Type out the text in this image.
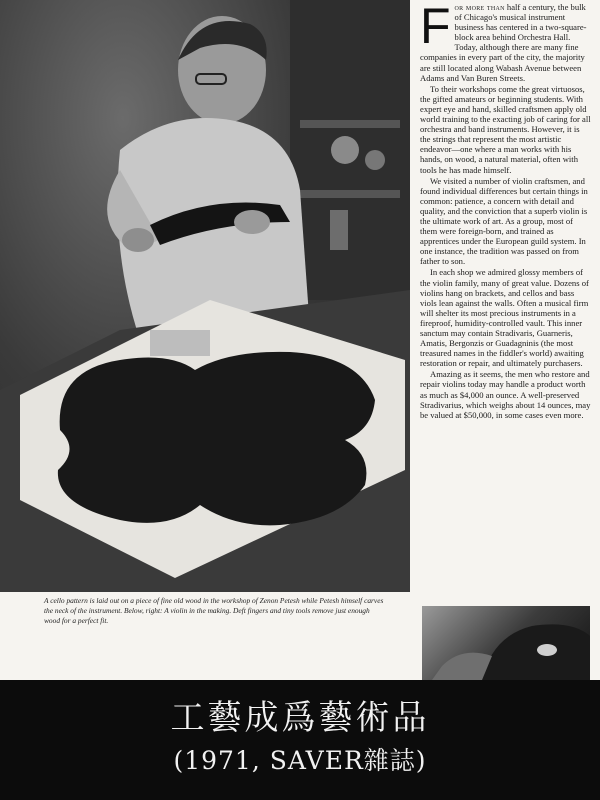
A cello pattern is laid out on a piece of fine old wood in the workshop of Zenon Petesh while Petesh himself carves the neck of the instrument. Below, right: A violin in the making. Deft fingers and tiny tools remove just enough wood for a perfect fit.

For more than half a century, the bulk of Chicago's musical instrument business has centered in a two-square-block area behind Orchestra Hall. Today, although there are many fine companies in every part of the city, the majority are still located along Wabash Avenue between Adams and Van Buren Streets.

To their workshops come the great virtuosos, the gifted amateurs or beginning students. With expert eye and hand, skilled craftsmen apply old world training to the exacting job of caring for all orchestra and band instruments. However, it is the strings that represent the most artistic endeavor—one where a man works with his hands, on wood, a natural material, often with tools he has made himself.

We visited a number of violin craftsmen, and found individual differences but certain things in common: patience, a concern with detail and quality, and the conviction that a superb violin is the ultimate work of art. As a group, most of them were foreign-born, and trained as apprentices under the European guild system. In one instance, the tradition was passed on from father to son.

In each shop we admired glossy members of the violin family, many of great value. Dozens of violins hang on brackets, and cellos and bass viols lean against the walls. Often a musical firm will shelter its most precious instruments in a fireproof, humidity-controlled vault. This inner sanctum may contain Stradivaris, Guarneris, Amatis, Bergonzis or Guadagninis (the most treasured names in the fiddler's world) awaiting restoration or repair, and ultimately purchasers.

Amazing as it seems, the men who restore and repair violins today may handle a product worth as much as $4,000 an ounce. A well-preserved Stradivarius, which weighs about 14 ounces, may be valued at $50,000, in some cases even more.

工藝成爲藝術品
(1971, SAVER雜誌)
